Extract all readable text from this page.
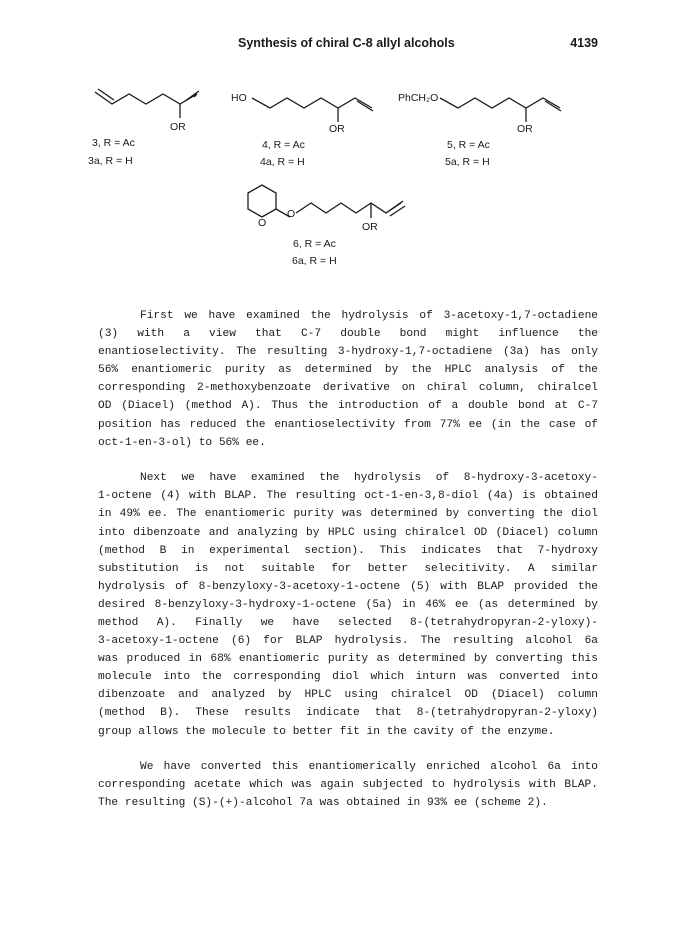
Synthesis of chiral C-8 allyl alcohols	4139
OR
3, R = Ac
3a, R = H
HO
OR
4, R = Ac
4a, R = H
PhCH₂O
OR
5, R = Ac
5a, R = H
O
O
OR
6, R = Ac
6a, R = H
First we have examined the hydrolysis of 3-acetoxy-1,7-octadiene
(3) with a view that C-7 double bond might influence the
enantioselectivity. The resulting 3-hydroxy-1,7-octadiene (3a) has only
56% enantiomeric purity as determined by the HPLC analysis of the
corresponding 2-methoxybenzoate derivative on chiral column, chiralcel
OD (Diacel) (method A). Thus the introduction of a double bond at C-7
position has reduced the enantioselectivity from 77% ee (in the case of
oct-1-en-3-ol) to 56% ee.
Next we have examined the hydrolysis of 8-hydroxy-3-acetoxy-
1-octene (4) with BLAP. The resulting oct-1-en-3,8-diol (4a) is obtained
in 49% ee. The enantiomeric purity was determined by converting the diol
into dibenzoate and analyzing by HPLC using chiralcel OD (Diacel) column
(method B in experimental section). This indicates that 7-hydroxy
substitution is not suitable for better selecitivity. A similar
hydrolysis of 8-benzyloxy-3-acetoxy-1-octene (5) with BLAP provided the
desired 8-benzyloxy-3-hydroxy-1-octene (5a) in 46% ee (as determined by
method A). Finally we have selected 8-(tetrahydropyran-2-yloxy)-
3-acetoxy-1-octene (6) for BLAP hydrolysis. The resulting alcohol 6a
was produced in 68% enantiomeric purity as determined by converting this
molecule into the corresponding diol which inturn was converted into
dibenzoate and analyzed by HPLC using chiralcel OD (Diacel) column
(method B). These results indicate that 8-(tetrahydropyran-2-yloxy)
group allows the molecule to better fit in the cavity of the enzyme.
We have converted this enantiomerically enriched alcohol 6a into
corresponding acetate which was again subjected to hydrolysis with BLAP.
The resulting (S)-(+)-alcohol 7a was obtained in 93% ee (scheme 2).
